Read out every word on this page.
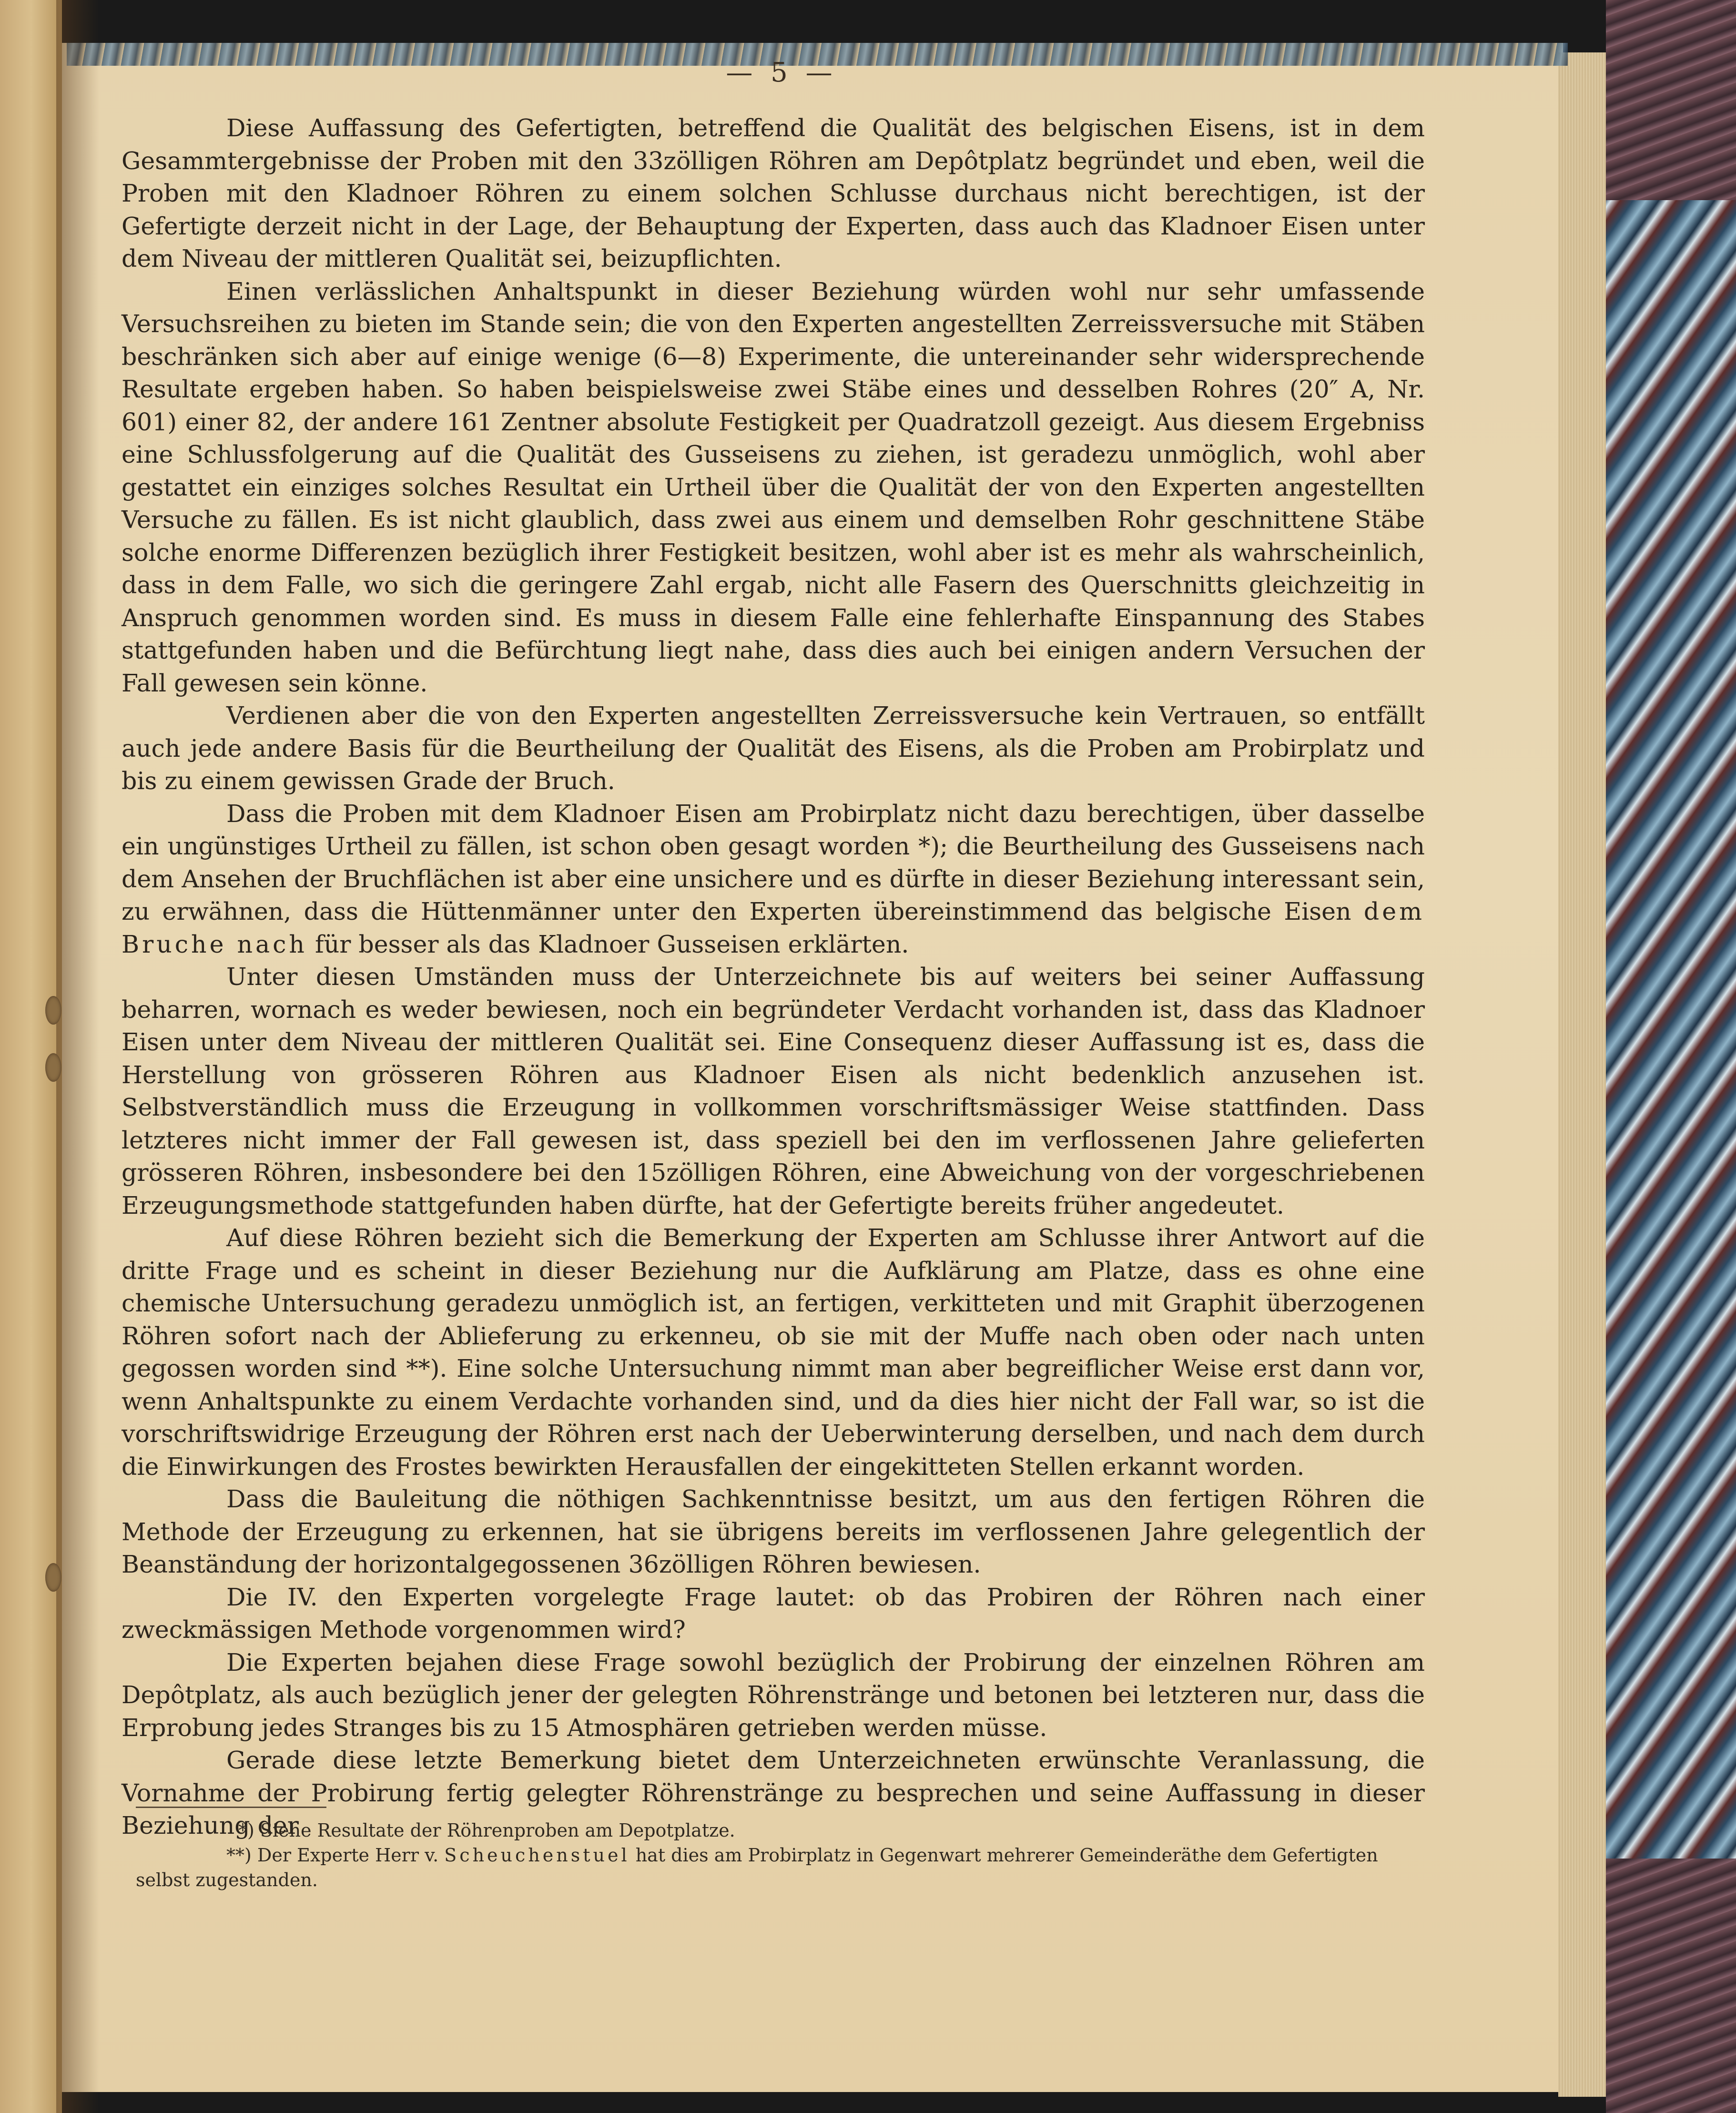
— 5 —

Diese Auffassung des Gefertigten, betreffend die Qualität des belgischen Eisens, ist in dem Gesammtergebnisse der Proben mit den 33zölligen Röhren am Depôtplatz begründet und eben, weil die Proben mit den Kladnoer Röhren zu einem solchen Schlusse durchaus nicht berechtigen, ist der Gefertigte derzeit nicht in der Lage, der Behauptung der Experten, dass auch das Kladnoer Eisen unter dem Niveau der mittleren Qualität sei, beizupflichten.

Einen verlässlichen Anhaltspunkt in dieser Beziehung würden wohl nur sehr umfassende Versuchsreihen zu bieten im Stande sein; die von den Experten angestellten Zerreissversuche mit Stäben beschränken sich aber auf einige wenige (6—8) Experimente, die untereinander sehr widersprechende Resultate ergeben haben. So haben beispielsweise zwei Stäbe eines und desselben Rohres (20″ A, Nr. 601) einer 82, der andere 161 Zentner absolute Festigkeit per Quadratzoll gezeigt. Aus diesem Ergebniss eine Schlussfolgerung auf die Qualität des Gusseisens zu ziehen, ist geradezu unmöglich, wohl aber gestattet ein einziges solches Resultat ein Urtheil über die Qualität der von den Experten angestellten Versuche zu fällen. Es ist nicht glaublich, dass zwei aus einem und demselben Rohr geschnittene Stäbe solche enorme Differenzen bezüglich ihrer Festigkeit besitzen, wohl aber ist es mehr als wahrscheinlich, dass in dem Falle, wo sich die geringere Zahl ergab, nicht alle Fasern des Querschnitts gleichzeitig in Anspruch genommen worden sind. Es muss in diesem Falle eine fehlerhafte Einspannung des Stabes stattgefunden haben und die Befürchtung liegt nahe, dass dies auch bei einigen andern Versuchen der Fall gewesen sein könne.

Verdienen aber die von den Experten angestellten Zerreissversuche kein Vertrauen, so entfällt auch jede andere Basis für die Beurtheilung der Qualität des Eisens, als die Proben am Probirplatz und bis zu einem gewissen Grade der Bruch.

Dass die Proben mit dem Kladnoer Eisen am Probirplatz nicht dazu berechtigen, über dasselbe ein ungünstiges Urtheil zu fällen, ist schon oben gesagt worden *); die Beurtheilung des Gusseisens nach dem Ansehen der Bruchflächen ist aber eine unsichere und es dürfte in dieser Beziehung interessant sein, zu erwähnen, dass die Hüttenmänner unter den Experten übereinstimmend das belgische Eisen dem Bruche nach für besser als das Kladnoer Gusseisen erklärten.

Unter diesen Umständen muss der Unterzeichnete bis auf weiters bei seiner Auffassung beharren, wornach es weder bewiesen, noch ein begründeter Verdacht vorhanden ist, dass das Kladnoer Eisen unter dem Niveau der mittleren Qualität sei. Eine Consequenz dieser Auffassung ist es, dass die Herstellung von grösseren Röhren aus Kladnoer Eisen als nicht bedenklich anzusehen ist. Selbstverständlich muss die Erzeugung in vollkommen vorschriftsmässiger Weise stattfinden. Dass letzteres nicht immer der Fall gewesen ist, dass speziell bei den im verflossenen Jahre gelieferten grösseren Röhren, insbesondere bei den 15zölligen Röhren, eine Abweichung von der vorgeschriebenen Erzeugungsmethode stattgefunden haben dürfte, hat der Gefertigte bereits früher angedeutet.

Auf diese Röhren bezieht sich die Bemerkung der Experten am Schlusse ihrer Antwort auf die dritte Frage und es scheint in dieser Beziehung nur die Aufklärung am Platze, dass es ohne eine chemische Untersuchung geradezu unmöglich ist, an fertigen, verkitteten und mit Graphit überzogenen Röhren sofort nach der Ablieferung zu erkenneu, ob sie mit der Muffe nach oben oder nach unten gegossen worden sind **). Eine solche Untersuchung nimmt man aber begreiflicher Weise erst dann vor, wenn Anhaltspunkte zu einem Verdachte vorhanden sind, und da dies hier nicht der Fall war, so ist die vorschriftswidrige Erzeugung der Röhren erst nach der Ueberwinterung derselben, und nach dem durch die Einwirkungen des Frostes bewirkten Herausfallen der eingekitteten Stellen erkannt worden.

Dass die Bauleitung die nöthigen Sachkenntnisse besitzt, um aus den fertigen Röhren die Methode der Erzeugung zu erkennen, hat sie übrigens bereits im verflossenen Jahre gelegentlich der Beanständung der horizontalgegossenen 36zölligen Röhren bewiesen.

Die IV. den Experten vorgelegte Frage lautet: ob das Probiren der Röhren nach einer zweckmässigen Methode vorgenommen wird?

Die Experten bejahen diese Frage sowohl bezüglich der Probirung der einzelnen Röhren am Depôtplatz, als auch bezüglich jener der gelegten Röhrenstränge und betonen bei letzteren nur, dass die Erprobung jedes Stranges bis zu 15 Atmosphären getrieben werden müsse.

Gerade diese letzte Bemerkung bietet dem Unterzeichneten erwünschte Veranlassung, die Vornahme der Probirung fertig gelegter Röhrenstränge zu besprechen und seine Auffassung in dieser Beziehung der

*) Siehe Resultate der Röhrenproben am Depotplatze.

**) Der Experte Herr v. Scheuchenstuel hat dies am Probirplatz in Gegenwart mehrerer Gemeinderäthe dem Gefertigten selbst zugestanden.
